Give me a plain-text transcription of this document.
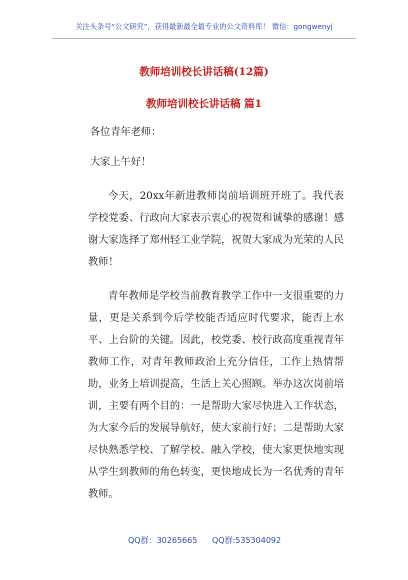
关注头条号“公文研究”，获得最新最全最专业的公文资料库！ 微信：gongwenyj
教师培训校长讲话稿(12篇)
教师培训校长讲话稿 篇1

各位青年老师：

大家上午好！

今天，20xx年新进教师岗前培训班开班了。我代表学校党委、行政向大家表示衷心的祝贺和诚挚的感谢！感谢大家选择了郑州轻工业学院，祝贺大家成为光荣的人民教师！

青年教师是学校当前教育教学工作中一支很重要的力量，更是关系到今后学校能否适应时代要求，能否上水平、上台阶的关键。因此，校党委、校行政高度重视青年教师工作，对青年教师政治上充分信任，工作上热情帮助，业务上培训提高，生活上关心照顾。举办这次岗前培训，主要有两个目的：一是帮助大家尽快进入工作状态，为大家今后的发展导航好，使大家前行好；二是帮助大家尽快熟悉学校、了解学校、融入学校，使大家更快地实现从学生到教师的角色转变，更快地成长为一名优秀的青年教师。

QQ群：30265665 QQ群:535304092
